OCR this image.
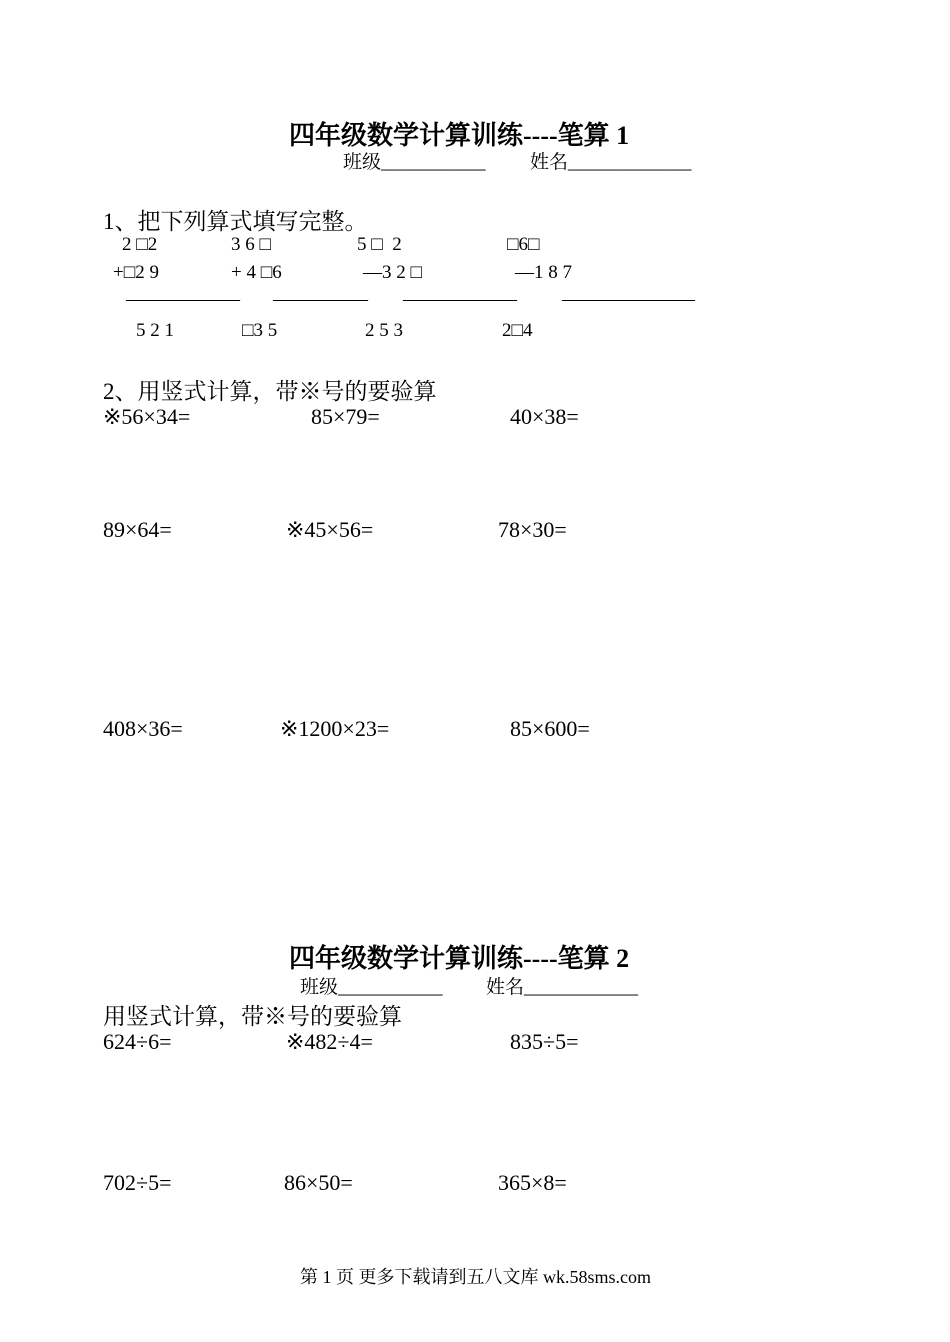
四年级数学计算训练----笔算 1
班级___________ 姓名_____________
1、把下列算式填写完整。
2 □2	3 6 □	5 □  2	□6□
+□2 9	+ 4 □6	—3 2 □	—1 8 7
—————— ————— —————— ———————
5 2 1	□3 5	2 5 3	2□4
2、用竖式计算，带※号的要验算
※56×34=	85×79=	40×38=
89×64=	※45×56=	78×30=
408×36=	※1200×23=	85×600=
四年级数学计算训练----笔算 2
班级___________ 姓名____________
用竖式计算，带※号的要验算
624÷6=	※482÷4=	835÷5=
702÷5=	86×50=	365×8=
第 1 页 更多下载请到五八文库 wk.58sms.com
